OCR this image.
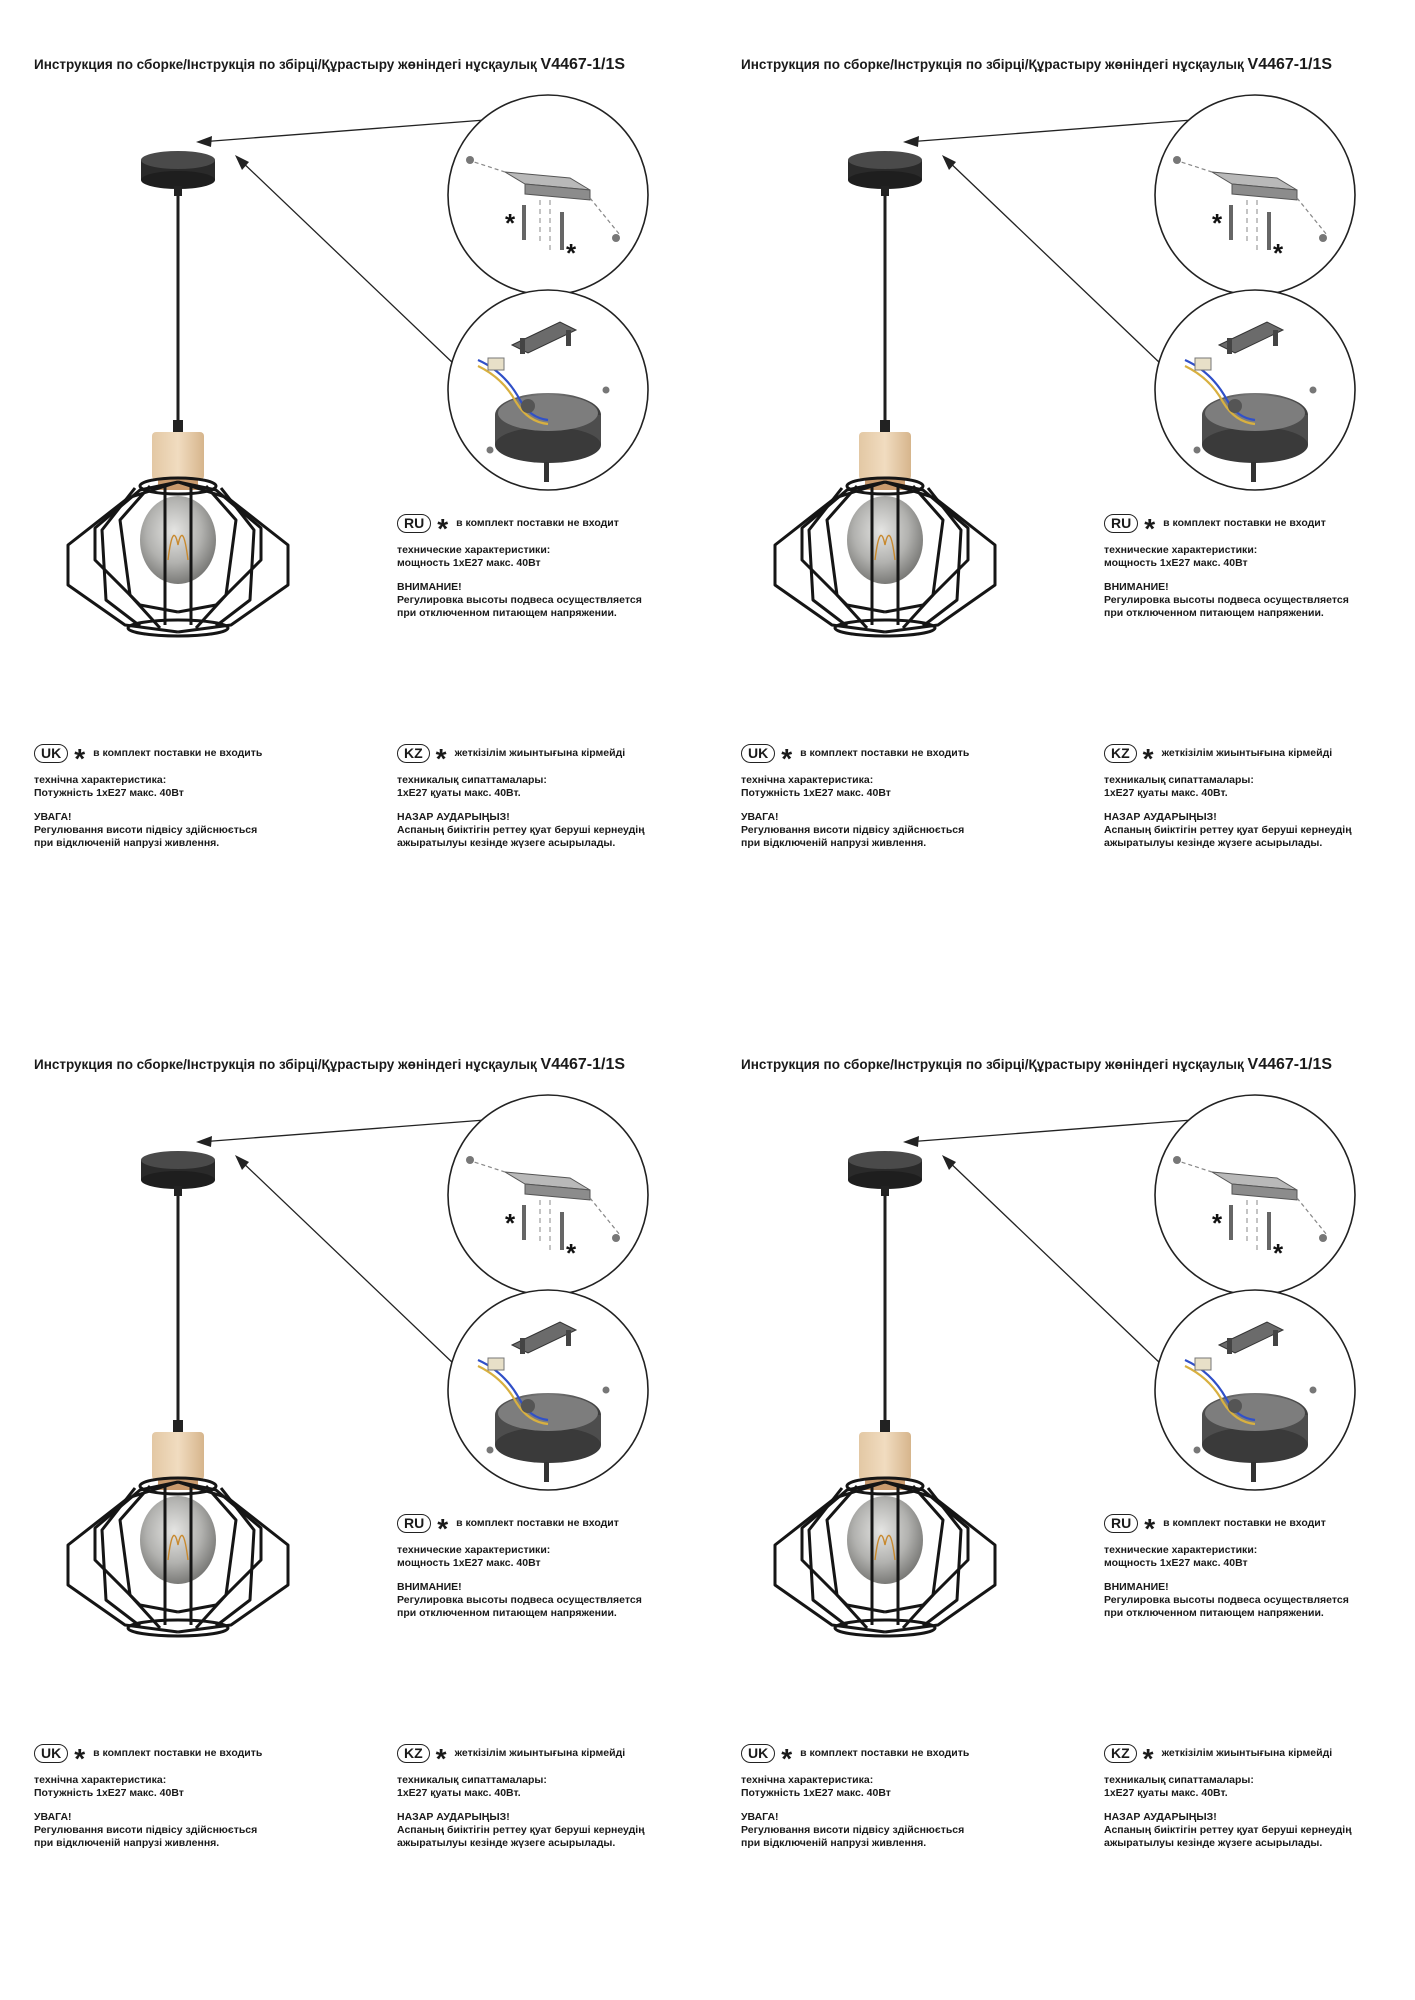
Инструкция по сборке/Інструкція по збірці/Құрастыру жөніндегі нұсқаулық V4467-1/1S
RU * в комплект поставки не входит

технические характеристики:

мощность 1хЕ27 макс. 40Вт

ВНИМАНИЕ!

Регулировка высоты подвеса осуществляется

при отключенном питающем напряжении.

UK * в комплект поставки не входить

технічна характеристика:

Потужність 1хЕ27 макс. 40Вт

УВАГА!

Регулювання висоти підвісу здійснюється

при відключеній напрузі живлення.

KZ * жеткізілім жиынтығына кірмейді

техникалық сипаттамалары:

1хЕ27 қуаты макс. 40Вт.

НАЗАР АУДАРЫҢЫЗ!

Аспаның биіктігін реттеу қуат беруші кернеудің

ажыратылуы кезінде жүзеге асырылады.

Инструкция по сборке/Інструкція по збірці/Құрастыру жөніндегі нұсқаулық V4467-1/1S
RU * в комплект поставки не входит

технические характеристики:

мощность 1хЕ27 макс. 40Вт

ВНИМАНИЕ!

Регулировка высоты подвеса осуществляется

при отключенном питающем напряжении.

UK * в комплект поставки не входить

технічна характеристика:

Потужність 1хЕ27 макс. 40Вт

УВАГА!

Регулювання висоти підвісу здійснюється

при відключеній напрузі живлення.

KZ * жеткізілім жиынтығына кірмейді

техникалық сипаттамалары:

1хЕ27 қуаты макс. 40Вт.

НАЗАР АУДАРЫҢЫЗ!

Аспаның биіктігін реттеу қуат беруші кернеудің

ажыратылуы кезінде жүзеге асырылады.

Инструкция по сборке/Інструкція по збірці/Құрастыру жөніндегі нұсқаулық V4467-1/1S
RU * в комплект поставки не входит

технические характеристики:

мощность 1хЕ27 макс. 40Вт

ВНИМАНИЕ!

Регулировка высоты подвеса осуществляется

при отключенном питающем напряжении.

UK * в комплект поставки не входить

технічна характеристика:

Потужність 1хЕ27 макс. 40Вт

УВАГА!

Регулювання висоти підвісу здійснюється

при відключеній напрузі живлення.

KZ * жеткізілім жиынтығына кірмейді

техникалық сипаттамалары:

1хЕ27 қуаты макс. 40Вт.

НАЗАР АУДАРЫҢЫЗ!

Аспаның биіктігін реттеу қуат беруші кернеудің

ажыратылуы кезінде жүзеге асырылады.

Инструкция по сборке/Інструкція по збірці/Құрастыру жөніндегі нұсқаулық V4467-1/1S
RU * в комплект поставки не входит

технические характеристики:

мощность 1хЕ27 макс. 40Вт

ВНИМАНИЕ!

Регулировка высоты подвеса осуществляется

при отключенном питающем напряжении.

UK * в комплект поставки не входить

технічна характеристика:

Потужність 1хЕ27 макс. 40Вт

УВАГА!

Регулювання висоти підвісу здійснюється

при відключеній напрузі живлення.

KZ * жеткізілім жиынтығына кірмейді

техникалық сипаттамалары:

1хЕ27 қуаты макс. 40Вт.

НАЗАР АУДАРЫҢЫЗ!

Аспаның биіктігін реттеу қуат беруші кернеудің

ажыратылуы кезінде жүзеге асырылады.
